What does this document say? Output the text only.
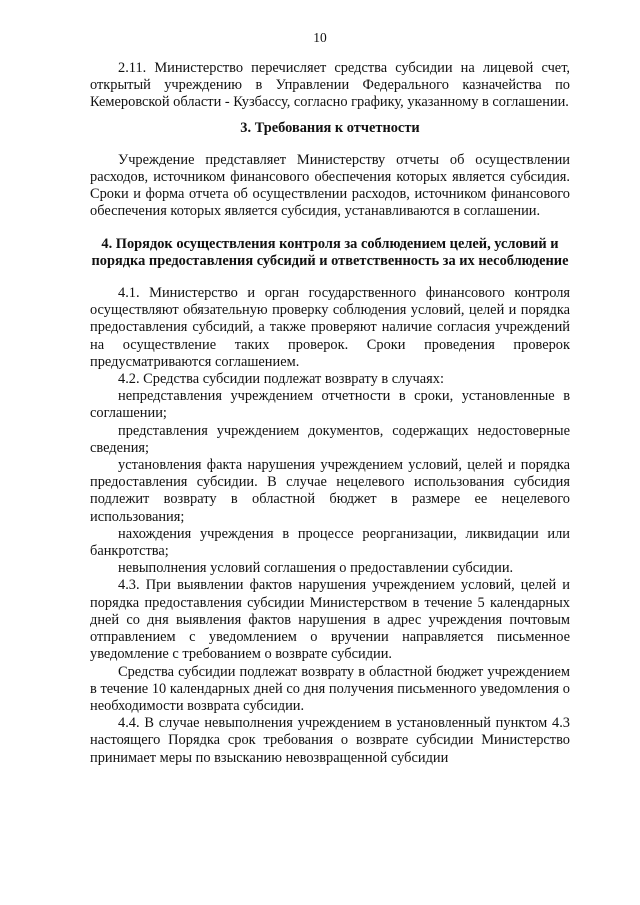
10

2.11. Министерство перечисляет средства субсидии на лицевой счет, открытый учреждению в Управлении Федерального казначейства по Кемеровской области - Кузбассу, согласно графику, указанному в соглашении.

3. Требования к отчетности

Учреждение представляет Министерству отчеты об осуществлении расходов, источником финансового обеспечения которых является субсидия. Сроки и форма отчета об осуществлении расходов, источником финансового обеспечения которых является субсидия, устанавливаются в соглашении.

4. Порядок осуществления контроля за соблюдением целей, условий и порядка предоставления субсидий и ответственность за их несоблюдение

4.1. Министерство и орган государственного финансового контроля осуществляют обязательную проверку соблюдения условий, целей и порядка предоставления субсидий, а также проверяют наличие согласия учреждений на осуществление таких проверок. Сроки проведения проверок предусматриваются соглашением.

4.2. Средства субсидии подлежат возврату в случаях:

непредставления учреждением отчетности в сроки, установленные в соглашении;

представления учреждением документов, содержащих недостоверные сведения;

установления факта нарушения учреждением условий, целей и порядка предоставления субсидии. В случае нецелевого использования субсидия подлежит возврату в областной бюджет в размере ее нецелевого использования;

нахождения учреждения в процессе реорганизации, ликвидации или банкротства;

невыполнения условий соглашения о предоставлении субсидии.

4.3. При выявлении фактов нарушения учреждением условий, целей и порядка предоставления субсидии Министерством в течение 5 календарных дней со дня выявления фактов нарушения в адрес учреждения почтовым отправлением с уведомлением о вручении направляется письменное уведомление с требованием о возврате субсидии.

Средства субсидии подлежат возврату в областной бюджет учреждением в течение 10 календарных дней со дня получения письменного уведомления о необходимости возврата субсидии.

4.4. В случае невыполнения учреждением в установленный пунктом 4.3 настоящего Порядка срок требования о возврате субсидии Министерство принимает меры по взысканию невозвращенной субсидии
